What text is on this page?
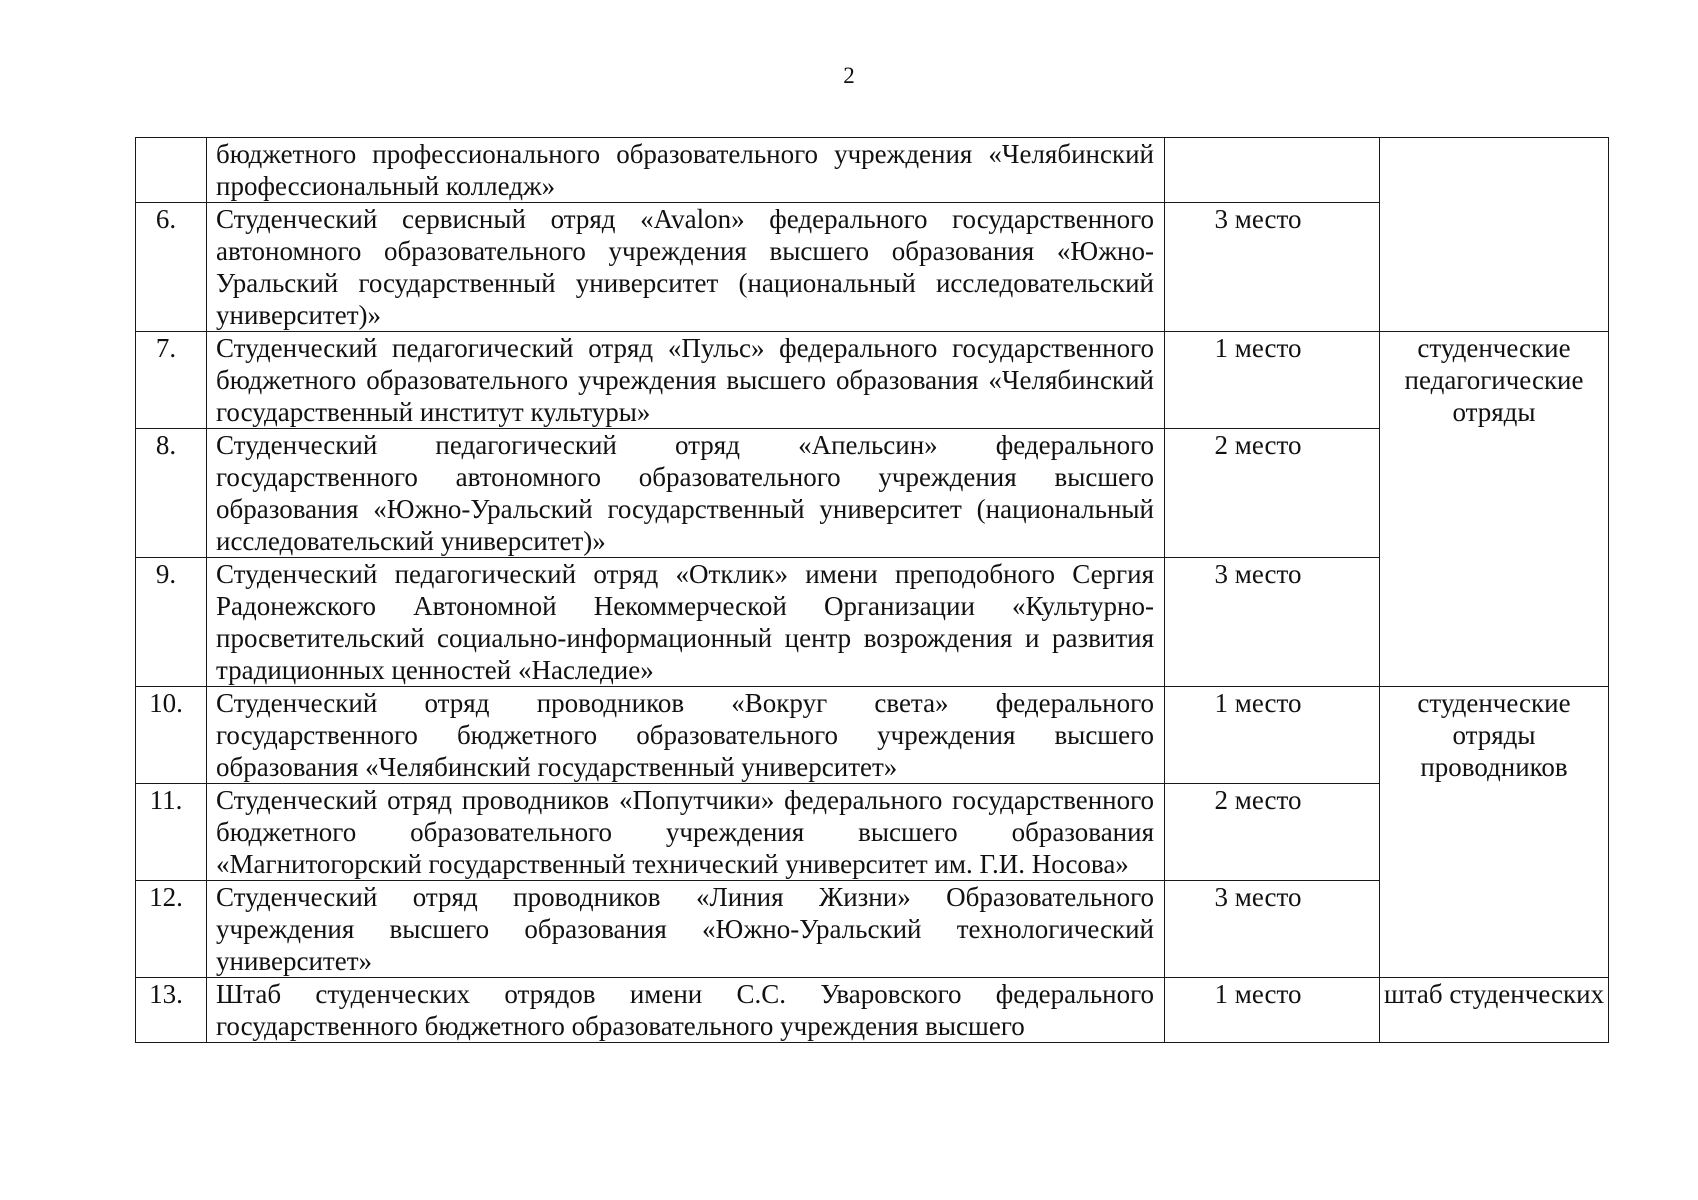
2
	бюджетного профессионального образовательного учреждения «Челябинский профессиональный колледж»	

6.	Студенческий сервисный отряд «Avalon» федерального государственного автономного образовательного учреждения высшего образования «Южно-Уральский государственный университет (национальный исследовательский университет)»	3 место	

7.	Студенческий педагогический отряд «Пульс» федерального государственного бюджетного образовательного учреждения высшего образования «Челябинский государственный институт культуры»	1 место	студенческие педагогические отряды

8.	Студенческий педагогический отряд «Апельсин» федерального государственного автономного образовательного учреждения высшего образования «Южно-Уральский государственный университет (национальный исследовательский университет)»	2 место	

9.	Студенческий педагогический отряд «Отклик» имени преподобного Сергия Радонежского Автономной Некоммерческой Организации «Культурно-просветительский социально-информационный центр возрождения и развития традиционных ценностей «Наследие»	3 место	

10.	Студенческий отряд проводников «Вокруг света» федерального государственного бюджетного образовательного учреждения высшего образования «Челябинский государственный университет»	1 место	студенческие отряды проводников

11.	Студенческий отряд проводников «Попутчики» федерального государственного бюджетного образовательного учреждения высшего образования «Магнитогорский государственный технический университет им. Г.И. Носова»	2 место	

12.	Студенческий отряд проводников «Линия Жизни» Образовательного учреждения высшего образования «Южно-Уральский технологический университет»	3 место	

13.	Штаб студенческих отрядов имени С.С. Уваровского федерального государственного бюджетного образовательного учреждения высшего	1 место	штаб студенческих
